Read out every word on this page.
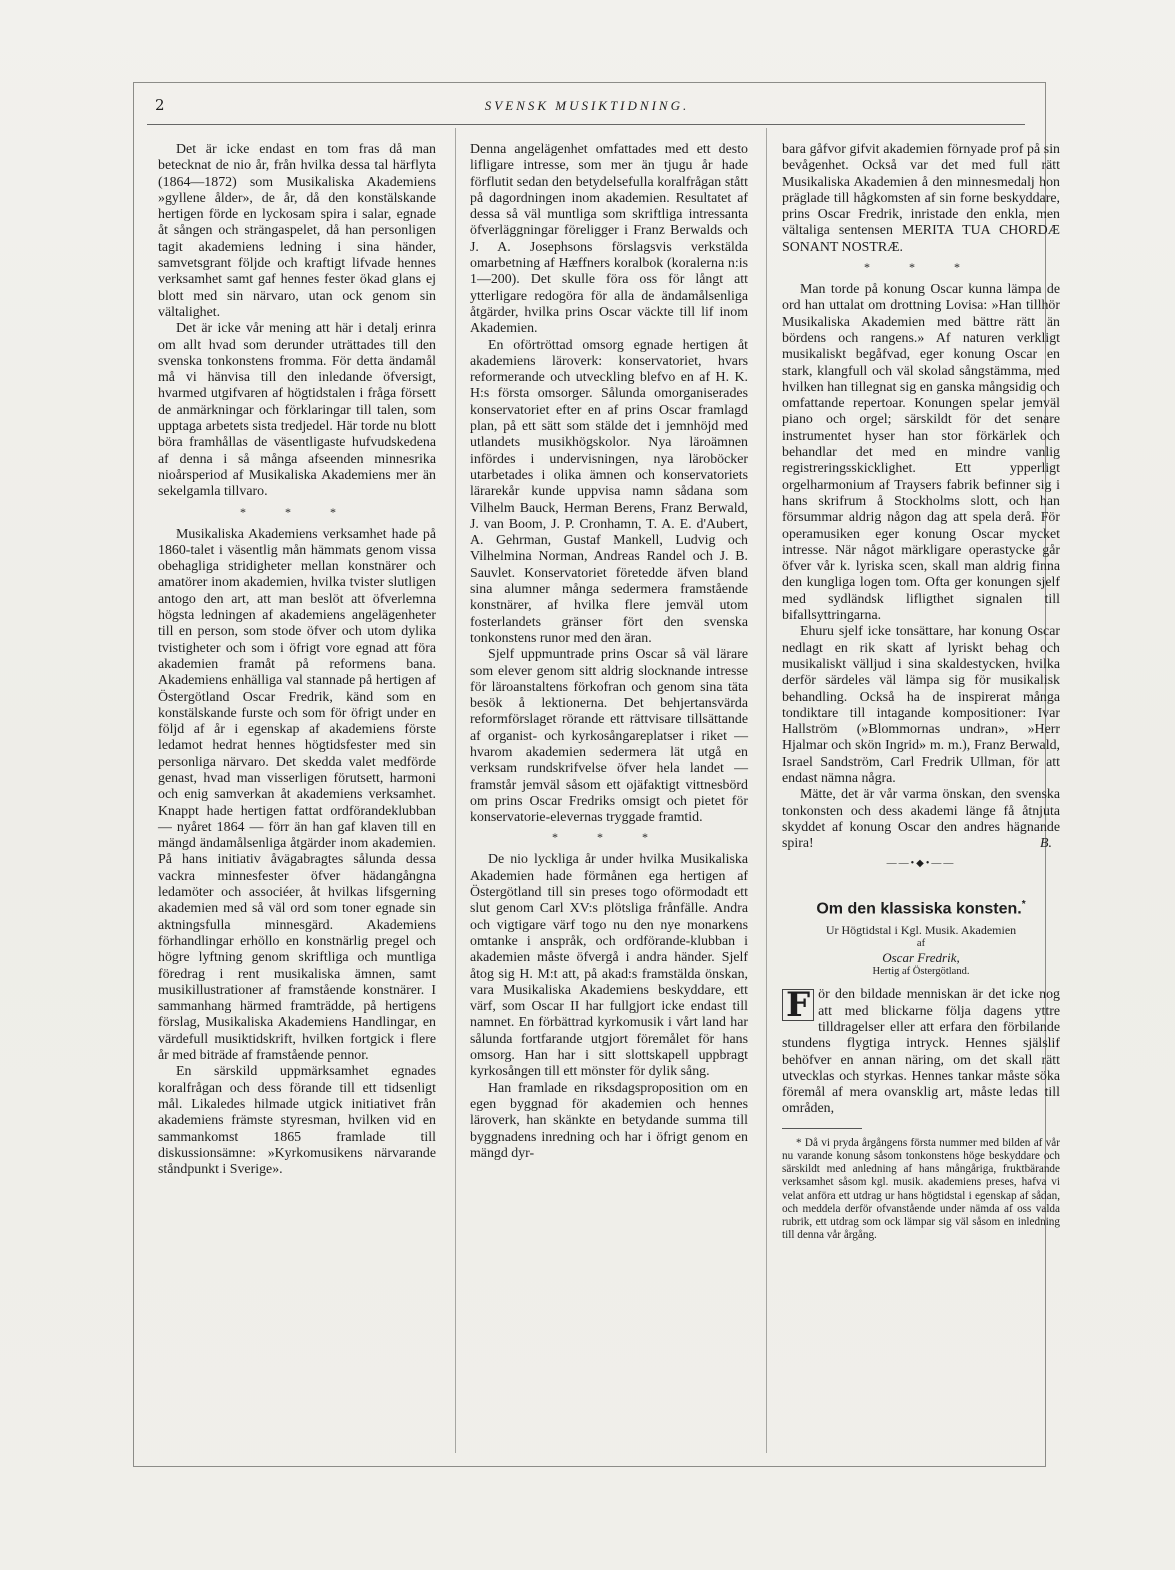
2	SVENSK MUSIKTIDNING.

Det är icke endast en tom fras då man betecknat de nio år, från hvilka dessa tal härflyta (1864—1872) som Musikaliska Akademiens »gyllene ålder», de år, då den konstälskande hertigen förde en lyckosam spira i salar, egnade åt sången och strängaspelet, då han personligen tagit akademiens ledning i sina händer, samvetsgrant följde och kraftigt lifvade hennes verksamhet samt gaf hennes fester ökad glans ej blott med sin närvaro, utan ock genom sin vältalighet.

Det är icke vår mening att här i detalj erinra om allt hvad som derunder uträttades till den svenska tonkonstens fromma. För detta ändamål må vi hänvisa till den inledande öfversigt, hvarmed utgifvaren af högtidstalen i fråga försett de anmärkningar och förklaringar till talen, som upptaga arbetets sista tredjedel. Här torde nu blott böra framhållas de väsentligaste hufvudskedena af denna i så många afseenden minnesrika nioårsperiod af Musikaliska Akademiens mer än sekelgamla tillvaro.

* * *

Musikaliska Akademiens verksamhet hade på 1860-talet i väsentlig mån hämmats genom vissa obehagliga stridigheter mellan konstnärer och amatörer inom akademien, hvilka tvister slutligen antogo den art, att man beslöt att öfverlemna högsta ledningen af akademiens angelägenheter till en person, som stode öfver och utom dylika tvistigheter och som i öfrigt vore egnad att föra akademien framåt på reformens bana. Akademiens enhälliga val stannade på hertigen af Östergötland Oscar Fredrik, känd som en konstälskande furste och som för öfrigt under en följd af år i egenskap af akademiens förste ledamot hedrat hennes högtidsfester med sin personliga närvaro. Det skedda valet medförde genast, hvad man visserligen förutsett, harmoni och enig samverkan åt akademiens verksamhet. Knappt hade hertigen fattat ordförandeklubban — nyåret 1864 — förr än han gaf klaven till en mängd ändamålsenliga åtgärder inom akademien. På hans initiativ åvägabragtes sålunda dessa vackra minnesfester öfver hädangångna ledamöter och associéer, åt hvilkas lifsgerning akademien med så väl ord som toner egnade sin aktningsfulla minnesgärd. Akademiens förhandlingar erhöllo en konstnärlig pregel och högre lyftning genom skriftliga och muntliga föredrag i rent musikaliska ämnen, samt musikillustrationer af framstående konstnärer. I sammanhang härmed framträdde, på hertigens förslag, Musikaliska Akademiens Handlingar, en värdefull musiktidskrift, hvilken fortgick i flere år med biträde af framstående pennor.

En särskild uppmärksamhet egnades koralfrågan och dess förande till ett tidsenligt mål. Likaledes hilmade utgick initiativet från akademiens främste styresman, hvilken vid en sammankomst 1865 framlade till diskussionsämne: »Kyrkomusikens närvarande ståndpunkt i Sverige».

Denna angelägenhet omfattades med ett desto lifligare intresse, som mer än tjugu år hade förflutit sedan den betydelsefulla koralfrågan stått på dagordningen inom akademien. Resultatet af dessa så väl muntliga som skriftliga intressanta öfverläggningar föreligger i Franz Berwalds och J. A. Josephsons förslagsvis verkstälda omarbetning af Hæffners koralbok (koralerna n:is 1—200). Det skulle föra oss för långt att ytterligare redogöra för alla de ändamålsenliga åtgärder, hvilka prins Oscar väckte till lif inom Akademien.

En oförtröttad omsorg egnade hertigen åt akademiens läroverk: konservatoriet, hvars reformerande och utveckling blefvo en af H. K. H:s första omsorger. Sålunda omorganiserades konservatoriet efter en af prins Oscar framlagd plan, på ett sätt som stälde det i jemnhöjd med utlandets musikhögskolor. Nya läroämnen infördes i undervisningen, nya läroböcker utarbetades i olika ämnen och konservatoriets lärarekår kunde uppvisa namn sådana som Vilhelm Bauck, Herman Berens, Franz Berwald, J. van Boom, J. P. Cronhamn, T. A. E. d'Aubert, A. Gehrman, Gustaf Mankell, Ludvig och Vilhelmina Norman, Andreas Randel och J. B. Sauvlet. Konservatoriet företedde äfven bland sina alumner många sedermera framstående konstnärer, af hvilka flere jemväl utom fosterlandets gränser fört den svenska tonkonstens runor med den äran.

Sjelf uppmuntrade prins Oscar så väl lärare som elever genom sitt aldrig slocknande intresse för läroanstaltens förkofran och genom sina täta besök å lektionerna. Det behjertansvärda reformförslaget rörande ett rättvisare tillsättande af organist- och kyrkosångareplatser i riket — hvarom akademien sedermera lät utgå en verksam rundskrifvelse öfver hela landet — framstår jemväl såsom ett ojäfaktigt vittnesbörd om prins Oscar Fredriks omsigt och pietet för konservatorie-elevernas tryggade framtid.

* * *

De nio lyckliga år under hvilka Musikaliska Akademien hade förmånen ega hertigen af Östergötland till sin preses togo oförmodadt ett slut genom Carl XV:s plötsliga frånfälle. Andra och vigtigare värf togo nu den nye monarkens omtanke i anspråk, och ordförande-klubban i akademien måste öfvergå i andra händer. Sjelf åtog sig H. M:t att, på akad:s framstälda önskan, vara Musikaliska Akademiens beskyddare, ett värf, som Oscar II har fullgjort icke endast till namnet. En förbättrad kyrkomusik i vårt land har sålunda fortfarande utgjort föremålet för hans omsorg. Han har i sitt slottskapell uppbragt kyrkosången till ett mönster för dylik sång.

Han framlade en riksdagsproposition om en egen byggnad för akademien och hennes läroverk, han skänkte en betydande summa till byggnadens inredning och har i öfrigt genom en mängd dyr-

bara gåfvor gifvit akademien förnyade prof på sin bevågenhet. Också var det med full rätt Musikaliska Akademien å den minnesmedalj hon präglade till hågkomsten af sin forne beskyddare, prins Oscar Fredrik, inristade den enkla, men vältaliga sentensen MERITA TUA CHORDÆ SONANT NOSTRÆ.

* * *

Man torde på konung Oscar kunna lämpa de ord han uttalat om drottning Lovisa: »Han tillhör Musikaliska Akademien med bättre rätt än bördens och rangens.» Af naturen verkligt musikaliskt begåfvad, eger konung Oscar en stark, klangfull och väl skolad sångstämma, med hvilken han tillegnat sig en ganska mångsidig och omfattande repertoar. Konungen spelar jemväl piano och orgel; särskildt för det senare instrumentet hyser han stor förkärlek och behandlar det med en mindre vanlig registreringsskicklighet. Ett ypperligt orgelharmonium af Traysers fabrik befinner sig i hans skrifrum å Stockholms slott, och han försummar aldrig någon dag att spela derå. För operamusiken eger konung Oscar mycket intresse. När något märkligare operastycke går öfver vår k. lyriska scen, skall man aldrig finna den kungliga logen tom. Ofta ger konungen sjelf med sydländsk lifligthet signalen till bifallsyttringarna.

Ehuru sjelf icke tonsättare, har konung Oscar nedlagt en rik skatt af lyriskt behag och musikaliskt välljud i sina skaldestycken, hvilka derför särdeles väl lämpa sig för musikalisk behandling. Också ha de inspirerat många tondiktare till intagande kompositioner: Ivar Hallström (»Blommornas undran», »Herr Hjalmar och skön Ingrid» m. m.), Franz Berwald, Israel Sandström, Carl Fredrik Ullman, för att endast nämna några.

Mätte, det är vår varma önskan, den svenska tonkonsten och dess akademi länge få åtnjuta skyddet af konung Oscar den andres hägnande spira!	B.

——•◆•——
Om den klassiska konsten.*
Ur Högtidstal i Kgl. Musik. Akademien
af
Oscar Fredrik,
Hertig af Östergötland.

F ör den bildade menniskan är det icke nog att med blickarne följa dagens yttre tilldragelser eller att erfara den förbilande stundens flygtiga intryck. Hennes själslif behöfver en annan näring, om det skall rätt utvecklas och styrkas. Hennes tankar måste söka föremål af mera ovansklig art, måste ledas till områden,

* Då vi pryda årgångens första nummer med bilden af vår nu varande konung såsom tonkonstens höge beskyddare och särskildt med anledning af hans mångåriga, fruktbärande verksamhet såsom kgl. musik. akademiens preses, hafva vi velat anföra ett utdrag ur hans högtidstal i egenskap af sådan, och meddela derför ofvanstående under nämda af oss valda rubrik, ett utdrag som ock lämpar sig väl såsom en inledning till denna vår årgång.
